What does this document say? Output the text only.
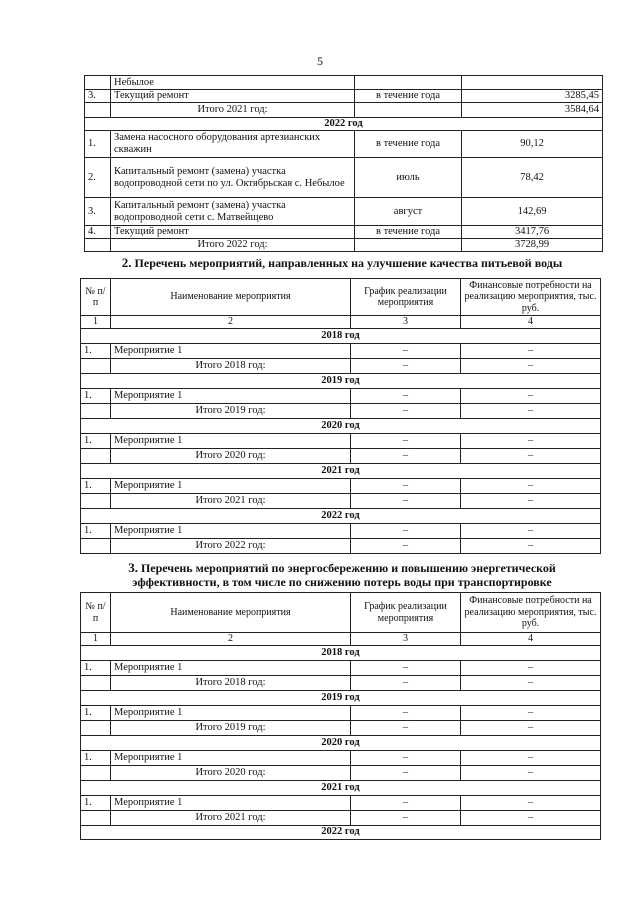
5
	Небылое		
3.	Текущий ремонт	в течение года	3285,45
	Итого 2021 год:		3584,64
2022 год			
1.	Замена насосного оборудования артезианских скважин	в течение года	90,12
2.	Капитальный ремонт (замена) участка водопроводной сети по ул. Октябрьская с. Небылое	июль	78,42
3.	Капитальный ремонт (замена) участка водопроводной сети с. Матвейщево	август	142,69
4.	Текущий ремонт	в течение года	3417,76
	Итого 2022 год:		3728,99
2. Перечень мероприятий, направленных на улучшение качества питьевой воды
№ п/п	Наименование мероприятия	График реализации мероприятия	Финансовые потребности на реализацию мероприятия, тыс. руб.
1	2	3	4
2018 год			
1.	Мероприятие 1	–	–
	Итого 2018 год:	–	–
2019 год			
1.	Мероприятие 1	–	–
	Итого 2019 год:	–	–
2020 год			
1.	Мероприятие 1	–	–
	Итого 2020 год:	–	–
2021 год			
1.	Мероприятие 1	–	–
	Итого 2021 год:	–	–
2022 год			
1.	Мероприятие 1	–	–
	Итого 2022 год:	–	–
3. Перечень мероприятий по энергосбережению и повышению энергетической
эффективности, в том числе по снижению потерь воды при транспортировке
№ п/п	Наименование мероприятия	График реализации мероприятия	Финансовые потребности на реализацию мероприятия, тыс. руб.
1	2	3	4
2018 год			
1.	Мероприятие 1	–	–
	Итого 2018 год:	–	–
2019 год			
1.	Мероприятие 1	–	–
	Итого 2019 год:	–	–
2020 год			
1.	Мероприятие 1	–	–
	Итого 2020 год:	–	–
2021 год			
1.	Мероприятие 1	–	–
	Итого 2021 год:	–	–
2022 год			
